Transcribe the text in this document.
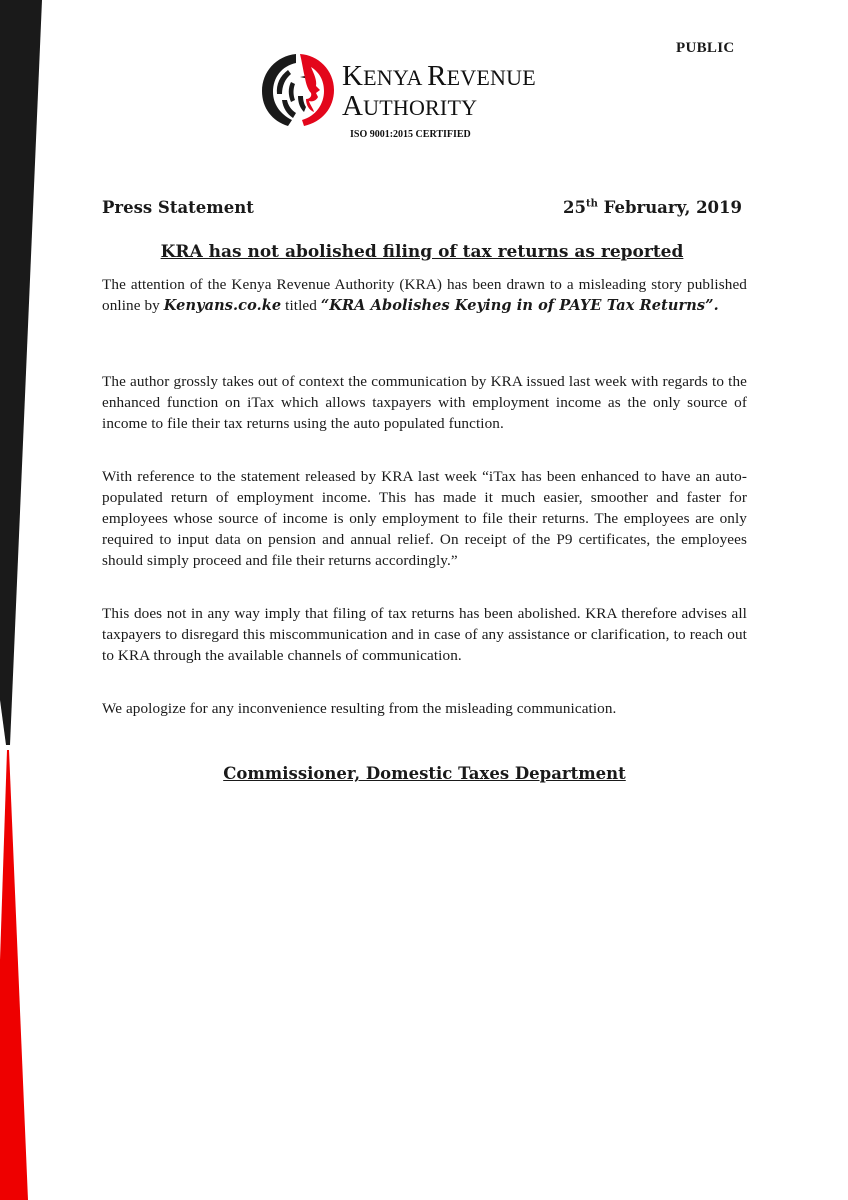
PUBLIC
KENYA REVENUE
AUTHORITY
ISO 9001:2015 CERTIFIED
Press Statement	25th February, 2019
KRA has not abolished filing of tax returns as reported

The attention of the Kenya Revenue Authority (KRA) has been drawn to a misleading story published online by Kenyans.co.ke titled “KRA Abolishes Keying in of PAYE Tax Returns”.

The author grossly takes out of context the communication by KRA issued last week with regards to the enhanced function on iTax which allows taxpayers with employment income as the only source of income to file their tax returns using the auto populated function.

With reference to the statement released by KRA last week “iTax has been enhanced to have an auto-populated return of employment income. This has made it much easier, smoother and faster for employees whose source of income is only employment to file their returns. The employees are only required to input data on pension and annual relief. On receipt of the P9 certificates, the employees should simply proceed and file their returns accordingly.”

This does not in any way imply that filing of tax returns has been abolished. KRA therefore advises all taxpayers to disregard this miscommunication and in case of any assistance or clarification, to reach out to KRA through the available channels of communication.

We apologize for any inconvenience resulting from the misleading communication.

Commissioner, Domestic Taxes Department
